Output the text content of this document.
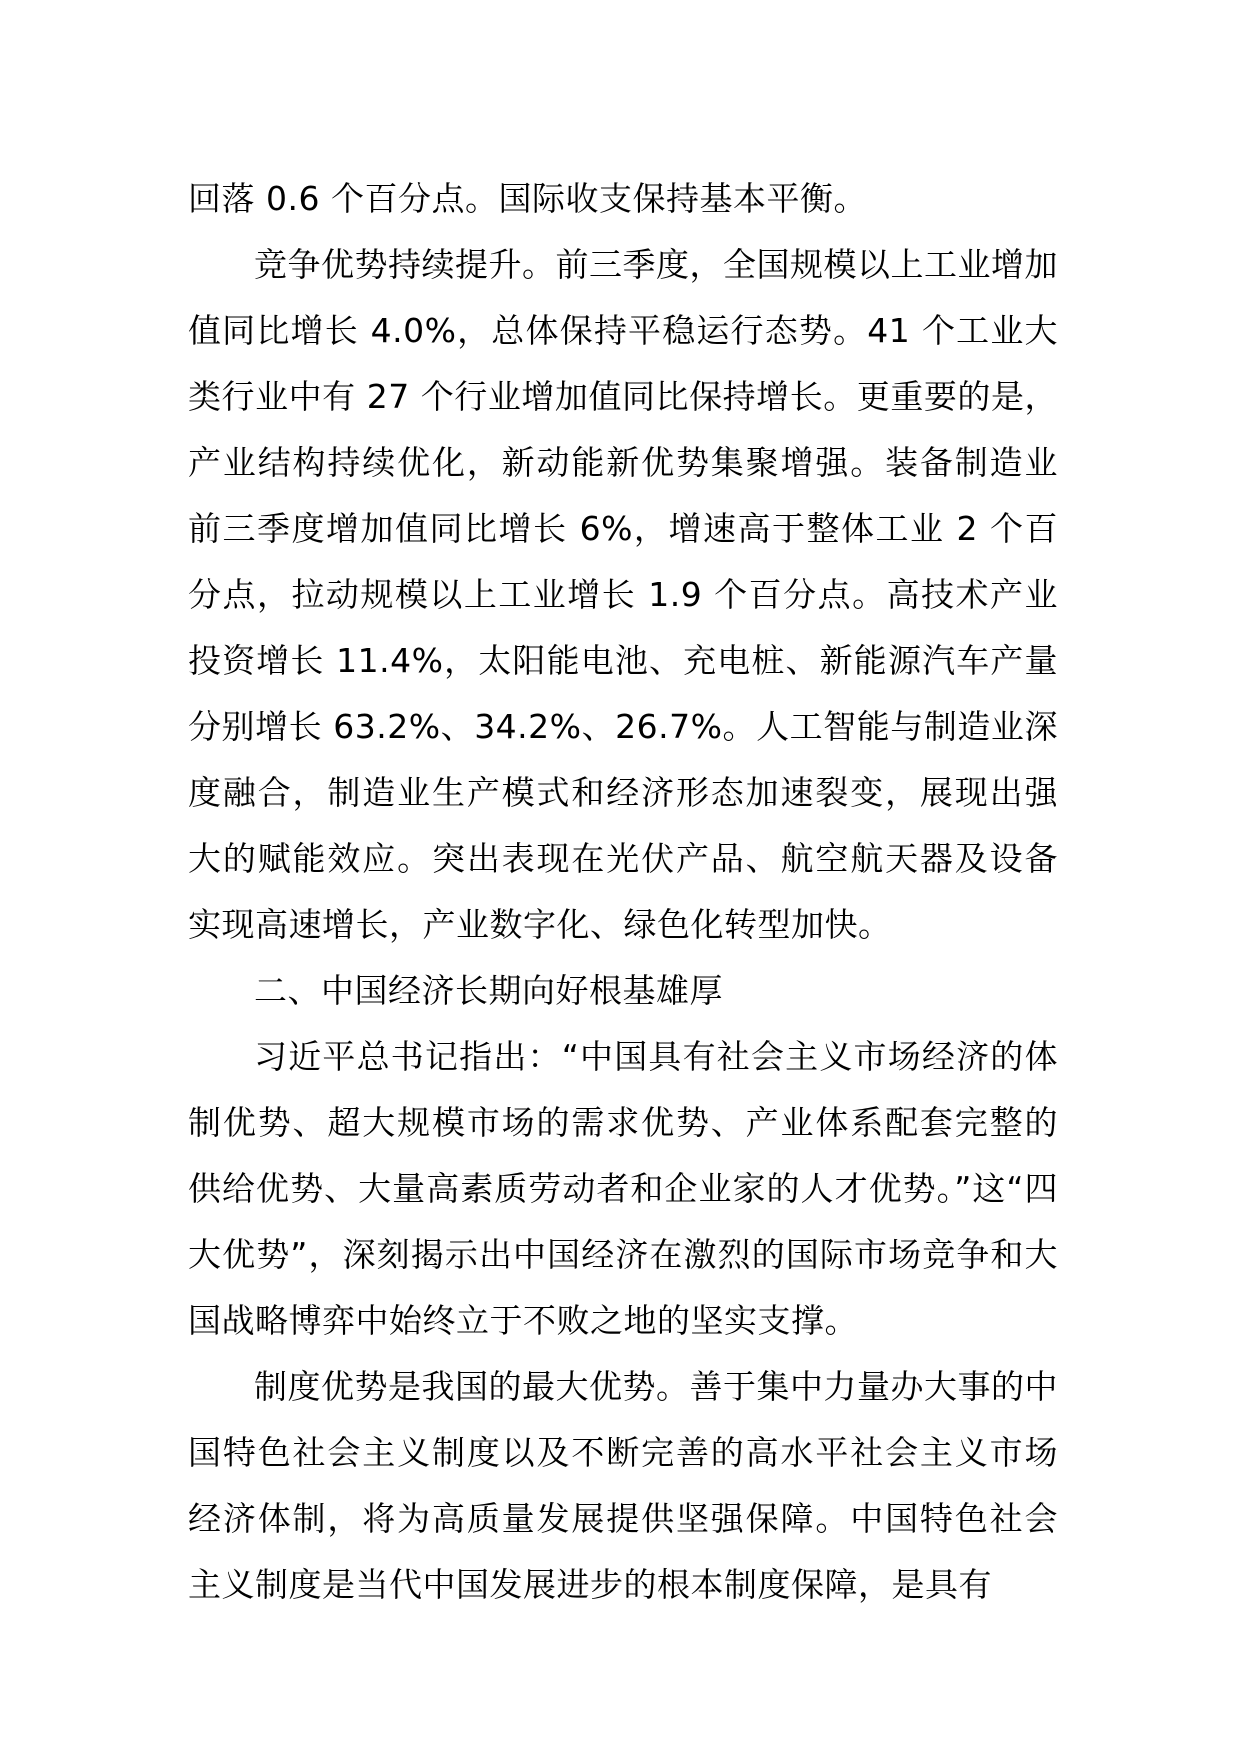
回落 0.6 个百分点。国际收支保持基本平衡。

竞争优势持续提升。前三季度，全国规模以上工业增加值同比增长 4.0%，总体保持平稳运行态势。41 个工业大类行业中有 27 个行业增加值同比保持增长。更重要的是，产业结构持续优化，新动能新优势集聚增强。装备制造业前三季度增加值同比增长 6%，增速高于整体工业 2 个百分点，拉动规模以上工业增长 1.9 个百分点。高技术产业投资增长 11.4%，太阳能电池、充电桩、新能源汽车产量分别增长 63.2%、34.2%、26.7%。人工智能与制造业深度融合，制造业生产模式和经济形态加速裂变，展现出强大的赋能效应。突出表现在光伏产品、航空航天器及设备实现高速增长，产业数字化、绿色化转型加快。

二、中国经济长期向好根基雄厚

习近平总书记指出：“中国具有社会主义市场经济的体制优势、超大规模市场的需求优势、产业体系配套完整的供给优势、大量高素质劳动者和企业家的人才优势。”这“四大优势”，深刻揭示出中国经济在激烈的国际市场竞争和大国战略博弈中始终立于不败之地的坚实支撑。

制度优势是我国的最大优势。善于集中力量办大事的中国特色社会主义制度以及不断完善的高水平社会主义市场经济体制，将为高质量发展提供坚强保障。中国特色社会主义制度是当代中国发展进步的根本制度保障，是具有
